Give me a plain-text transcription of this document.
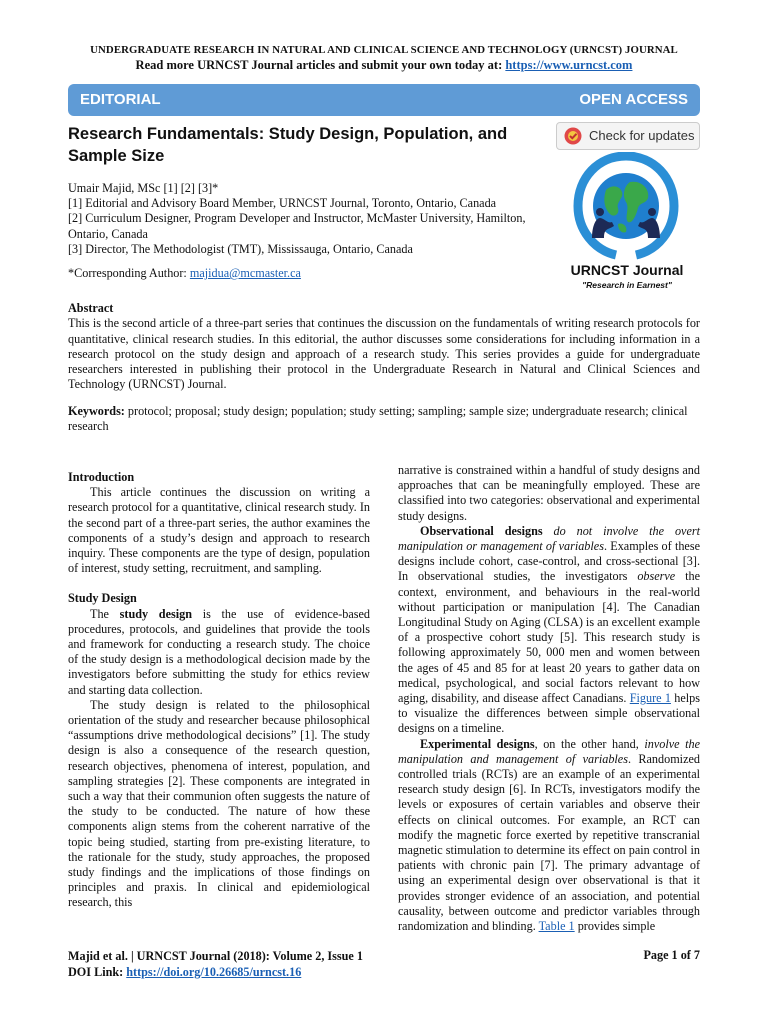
UNDERGRADUATE RESEARCH IN NATURAL AND CLINICAL SCIENCE AND TECHNOLOGY (URNCST) JOURNAL
Read more URNCST Journal articles and submit your own today at: https://www.urncst.com
EDITORIAL	OPEN ACCESS
Research Fundamentals: Study Design, Population, and Sample Size
Check for updates
URNCST Journal
"Research in Earnest"
Umair Majid, MSc [1] [2] [3]*
[1] Editorial and Advisory Board Member, URNCST Journal, Toronto, Ontario, Canada
[2] Curriculum Designer, Program Developer and Instructor, McMaster University, Hamilton, Ontario, Canada
[3] Director, The Methodologist (TMT), Mississauga, Ontario, Canada
*Corresponding Author: majidua@mcmaster.ca
Abstract
This is the second article of a three-part series that continues the discussion on the fundamentals of writing research protocols for quantitative, clinical research studies. In this editorial, the author discusses some considerations for including information in a research protocol on the study design and approach of a research study. This series provides a guide for undergraduate researchers interested in publishing their protocol in the Undergraduate Research in Natural and Clinical Sciences and Technology (URNCST) Journal.
Keywords: protocol; proposal; study design; population; study setting; sampling; sample size; undergraduate research; clinical research

Introduction

This article continues the discussion on writing a research protocol for a quantitative, clinical research study. In the second part of a three-part series, the author examines the components of a study’s design and approach to research inquiry. These components are the type of design, population of interest, study setting, recruitment, and sampling.

Study Design

The study design is the use of evidence-based procedures, protocols, and guidelines that provide the tools and framework for conducting a research study. The choice of the study design is a methodological decision made by the investigators before submitting the study for ethics review and starting data collection.

The study design is related to the philosophical orientation of the study and researcher because philosophical “assumptions drive methodological decisions” [1]. The study design is also a consequence of the research question, research objectives, phenomena of interest, population, and sampling strategies [2]. These components are integrated in such a way that their communion often suggests the nature of the study to be conducted. The nature of how these components align stems from the coherent narrative of the topic being studied, starting from pre-existing literature, to the rationale for the study, study approaches, the proposed study findings and the implications of those findings on principles and praxis. In clinical and epidemiological research, this

narrative is constrained within a handful of study designs and approaches that can be meaningfully employed. These are classified into two categories: observational and experimental study designs.

Observational designs do not involve the overt manipulation or management of variables. Examples of these designs include cohort, case-control, and cross-sectional [3]. In observational studies, the investigators observe the context, environment, and behaviours in the real-world without participation or manipulation [4]. The Canadian Longitudinal Study on Aging (CLSA) is an excellent example of a prospective cohort study [5]. This research study is following approximately 50, 000 men and women between the ages of 45 and 85 for at least 20 years to gather data on medical, psychological, and social factors relevant to how aging, disability, and disease affect Canadians. Figure 1 helps to visualize the differences between simple observational designs on a timeline.

Experimental designs, on the other hand, involve the manipulation and management of variables. Randomized controlled trials (RCTs) are an example of an experimental research study design [6]. In RCTs, investigators modify the levels or exposures of certain variables and observe their effects on clinical outcomes. For example, an RCT can modify the magnetic force exerted by repetitive transcranial magnetic stimulation to determine its effect on pain control in patients with chronic pain [7]. The primary advantage of using an experimental design over observational is that it provides stronger evidence of an association, and potential causality, between outcome and predictor variables through randomization and blinding. Table 1 provides simple

Majid et al. | URNCST Journal (2018): Volume 2, Issue 1
DOI Link: https://doi.org/10.26685/urncst.16
Page 1 of 7
